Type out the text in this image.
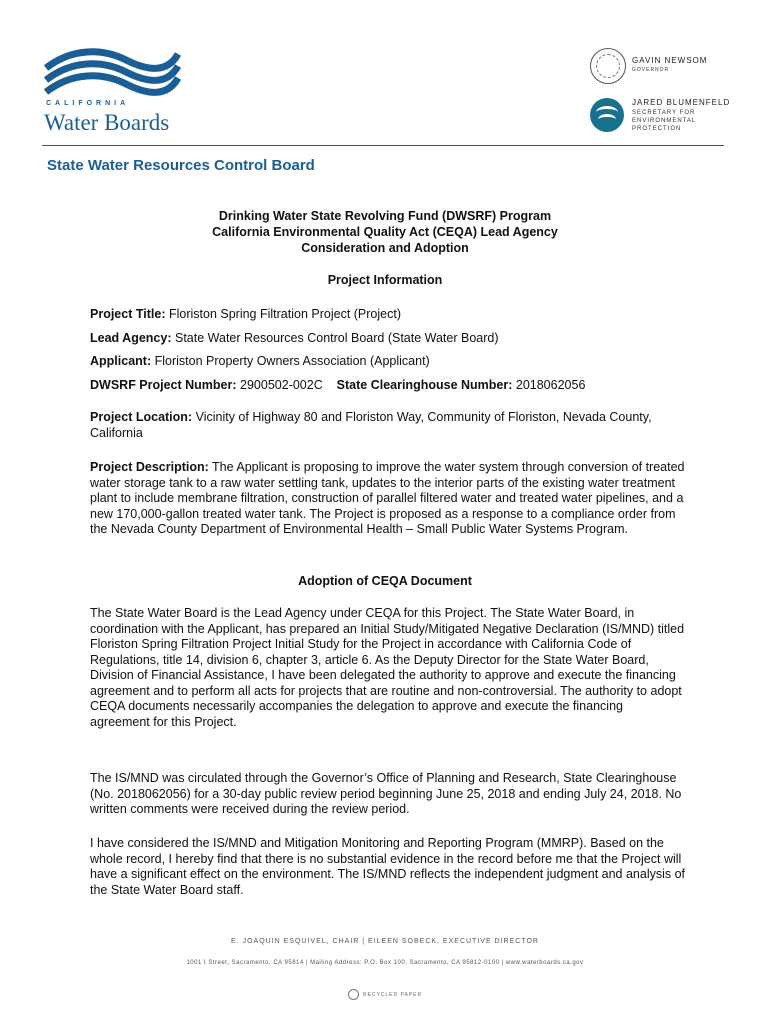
CALIFORNIA
Water Boards
GAVIN NEWSOM
GOVERNOR
JARED BLUMENFELD
SECRETARY FOR ENVIRONMENTAL PROTECTION
State Water Resources Control Board
Drinking Water State Revolving Fund (DWSRF) Program
California Environmental Quality Act (CEQA) Lead Agency
Consideration and Adoption
Project Information
Project Title: Floriston Spring Filtration Project (Project)
Lead Agency: State Water Resources Control Board (State Water Board)
Applicant: Floriston Property Owners Association (Applicant)
DWSRF Project Number: 2900502-002C State Clearinghouse Number: 2018062056
Project Location: Vicinity of Highway 80 and Floriston Way, Community of Floriston, Nevada County, California
Project Description: The Applicant is proposing to improve the water system through conversion of treated water storage tank to a raw water settling tank, updates to the interior parts of the existing water treatment plant to include membrane filtration, construction of parallel filtered water and treated water pipelines, and a new 170,000-gallon treated water tank. The Project is proposed as a response to a compliance order from the Nevada County Department of Environmental Health – Small Public Water Systems Program.
Adoption of CEQA Document
The State Water Board is the Lead Agency under CEQA for this Project. The State Water Board, in coordination with the Applicant, has prepared an Initial Study/Mitigated Negative Declaration (IS/MND) titled Floriston Spring Filtration Project Initial Study for the Project in accordance with California Code of Regulations, title 14, division 6, chapter 3, article 6. As the Deputy Director for the State Water Board, Division of Financial Assistance, I have been delegated the authority to approve and execute the financing agreement and to perform all acts for projects that are routine and non-controversial. The authority to adopt CEQA documents necessarily accompanies the delegation to approve and execute the financing agreement for this Project.
The IS/MND was circulated through the Governor’s Office of Planning and Research, State Clearinghouse (No. 2018062056) for a 30-day public review period beginning June 25, 2018 and ending July 24, 2018. No written comments were received during the review period.
I have considered the IS/MND and Mitigation Monitoring and Reporting Program (MMRP). Based on the whole record, I hereby find that there is no substantial evidence in the record before me that the Project will have a significant effect on the environment. The IS/MND reflects the independent judgment and analysis of the State Water Board staff.
E. JOAQUIN ESQUIVEL, CHAIR | EILEEN SOBECK, EXECUTIVE DIRECTOR
1001 I Street, Sacramento, CA 95814 | Mailing Address: P.O. Box 100, Sacramento, CA 95812-0100 | www.waterboards.ca.gov
RECYCLED PAPER
